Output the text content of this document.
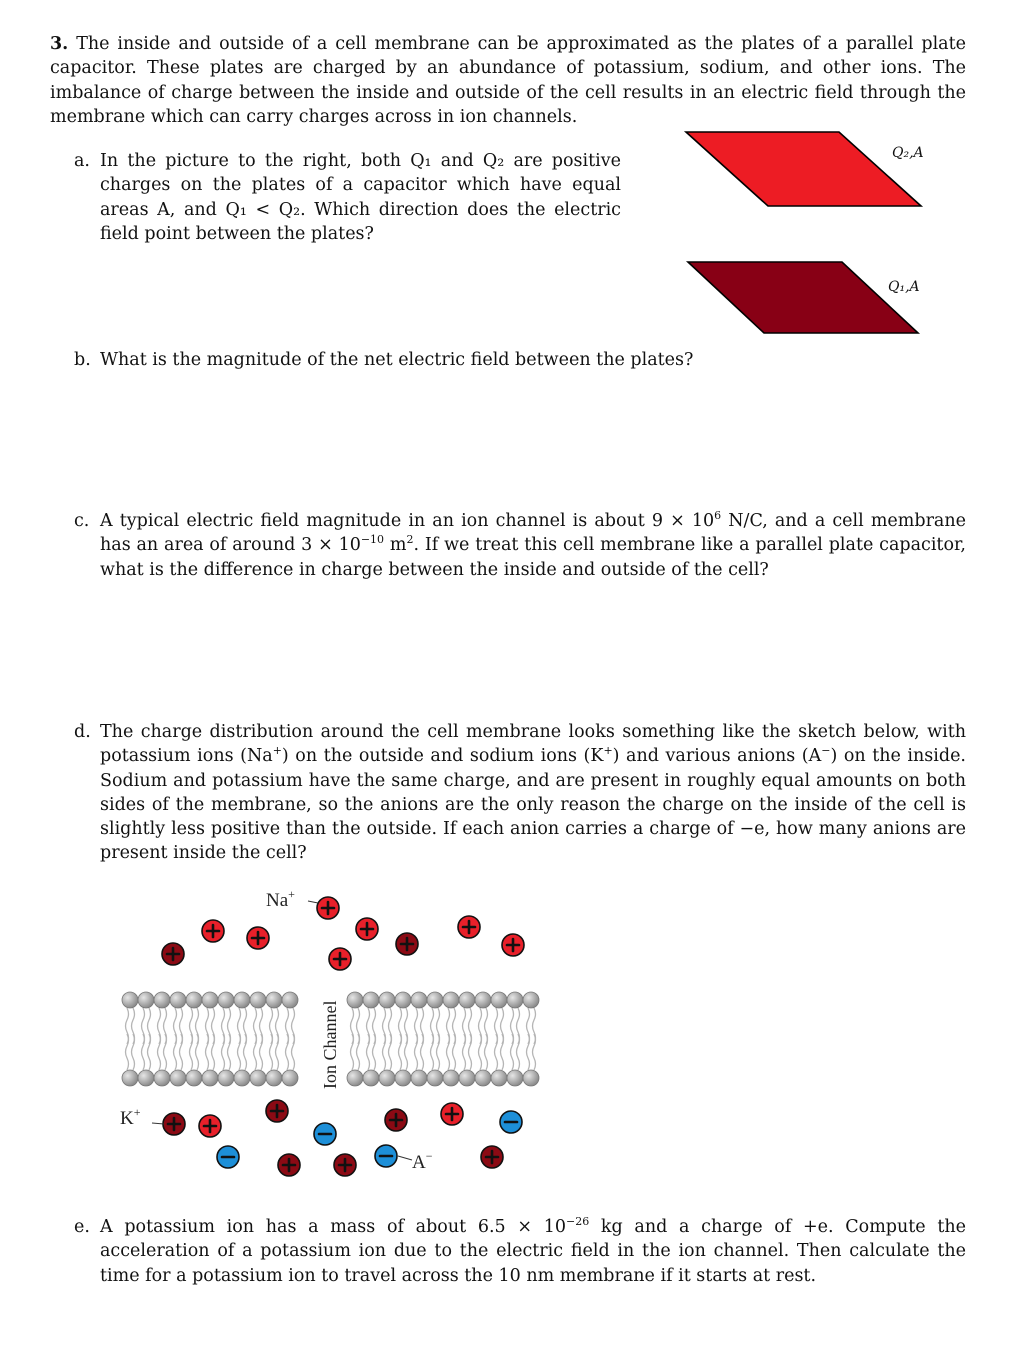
3. The inside and outside of a cell membrane can be approximated as the plates of a parallel plate capacitor. These plates are charged by an abundance of potassium, sodium, and other ions. The imbalance of charge between the inside and outside of the cell results in an electric field through the membrane which can carry charges across in ion channels.
a. In the picture to the right, both Q₁ and Q₂ are positive charges on the plates of a capacitor which have equal areas A, and Q₁ < Q₂. Which direction does the electric field point between the plates?
Q₂,A
Q₁,A
b. What is the magnitude of the net electric field between the plates?
c. A typical electric field magnitude in an ion channel is about $9 \times 10^6$ N/C, and a cell membrane has an area of around $3 \times 10^{-10}$ $m^2$. If we treat this cell membrane like a parallel plate capacitor, what is the difference in charge between the inside and outside of the cell?
d. The charge distribution around the cell membrane looks something like the sketch below, with potassium ions (Na+) on the outside and sodium ions (K+) and various anions (A−) on the inside. Sodium and potassium have the same charge, and are present in roughly equal amounts on both sides of the membrane, so the anions are the only reason the charge on the inside of the cell is slightly less positive than the outside. If each anion carries a charge of −e, how many anions are present inside the cell?
Na+
K+
A−
Ion Channel
e. A potassium ion has a mass of about $6.5 \times 10^{-26}$ kg and a charge of +e. Compute the acceleration of a potassium ion due to the electric field in the ion channel. Then calculate the time for a potassium ion to travel across the 10 nm membrane if it starts at rest.
